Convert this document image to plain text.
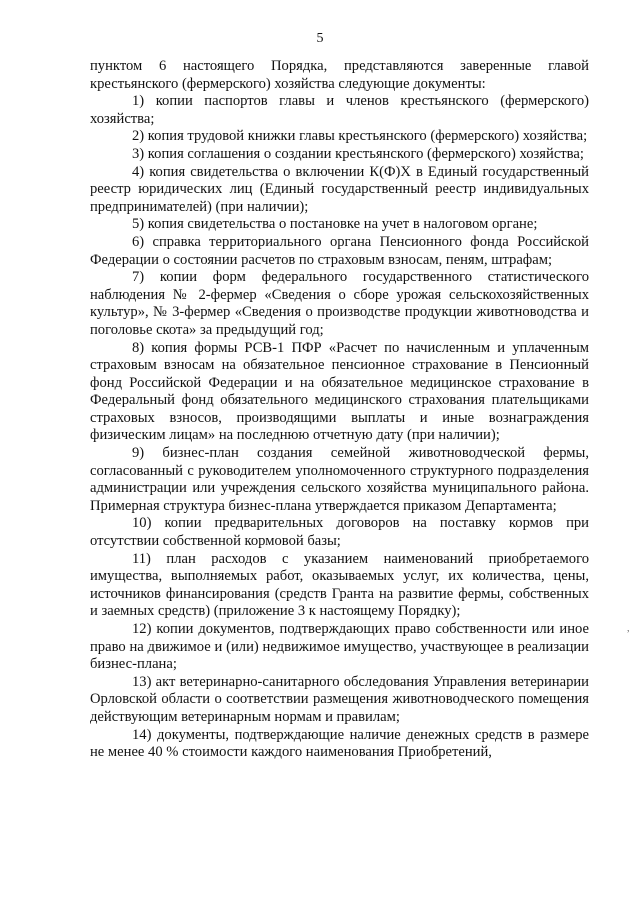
5

пунктом 6 настоящего Порядка, представляются заверенные главой крестьянского (фермерского) хозяйства следующие документы:

1) копии паспортов главы и членов крестьянского (фермерского) хозяйства;

2) копия трудовой книжки главы крестьянского (фермерского) хозяйства;

3) копия соглашения о создании крестьянского (фермерского) хозяйства;

4) копия свидетельства о включении К(Ф)Х в Единый государственный реестр юридических лиц (Единый государственный реестр индивидуальных предпринимателей) (при наличии);

5) копия свидетельства о постановке на учет в налоговом органе;

6) справка территориального органа Пенсионного фонда Российской Федерации о состоянии расчетов по страховым взносам, пеням, штрафам;

7) копии форм федерального государственного статистического наблюдения № 2-фермер «Сведения о сборе урожая сельскохозяйственных культур», № 3-фермер «Сведения о производстве продукции животноводства и поголовье скота» за предыдущий год;

8) копия формы РСВ-1 ПФР «Расчет по начисленным и уплаченным страховым взносам на обязательное пенсионное страхование в Пенсионный фонд Российской Федерации и на обязательное медицинское страхование в Федеральный фонд обязательного медицинского страхования плательщиками страховых взносов, производящими выплаты и иные вознаграждения физическим лицам» на последнюю отчетную дату (при наличии);

9) бизнес-план создания семейной животноводческой фермы, согласованный с руководителем уполномоченного структурного подразделения администрации или учреждения сельского хозяйства муниципального района. Примерная структура бизнес-плана утверждается приказом Департамента;

10) копии предварительных договоров на поставку кормов при отсутствии собственной кормовой базы;

11) план расходов с указанием наименований приобретаемого имущества, выполняемых работ, оказываемых услуг, их количества, цены, источников финансирования (средств Гранта на развитие фермы, собственных и заемных средств) (приложение 3 к настоящему Порядку);

12) копии документов, подтверждающих право собственности или иное право на движимое и (или) недвижимое имущество, участвующее в реализации бизнес-плана;

13) акт ветеринарно-санитарного обследования Управления ветеринарии Орловской области о соответствии размещения животноводческого помещения действующим ветеринарным нормам и правилам;

14) документы, подтверждающие наличие денежных средств в размере не менее 40 % стоимости каждого наименования Приобретений,

,
